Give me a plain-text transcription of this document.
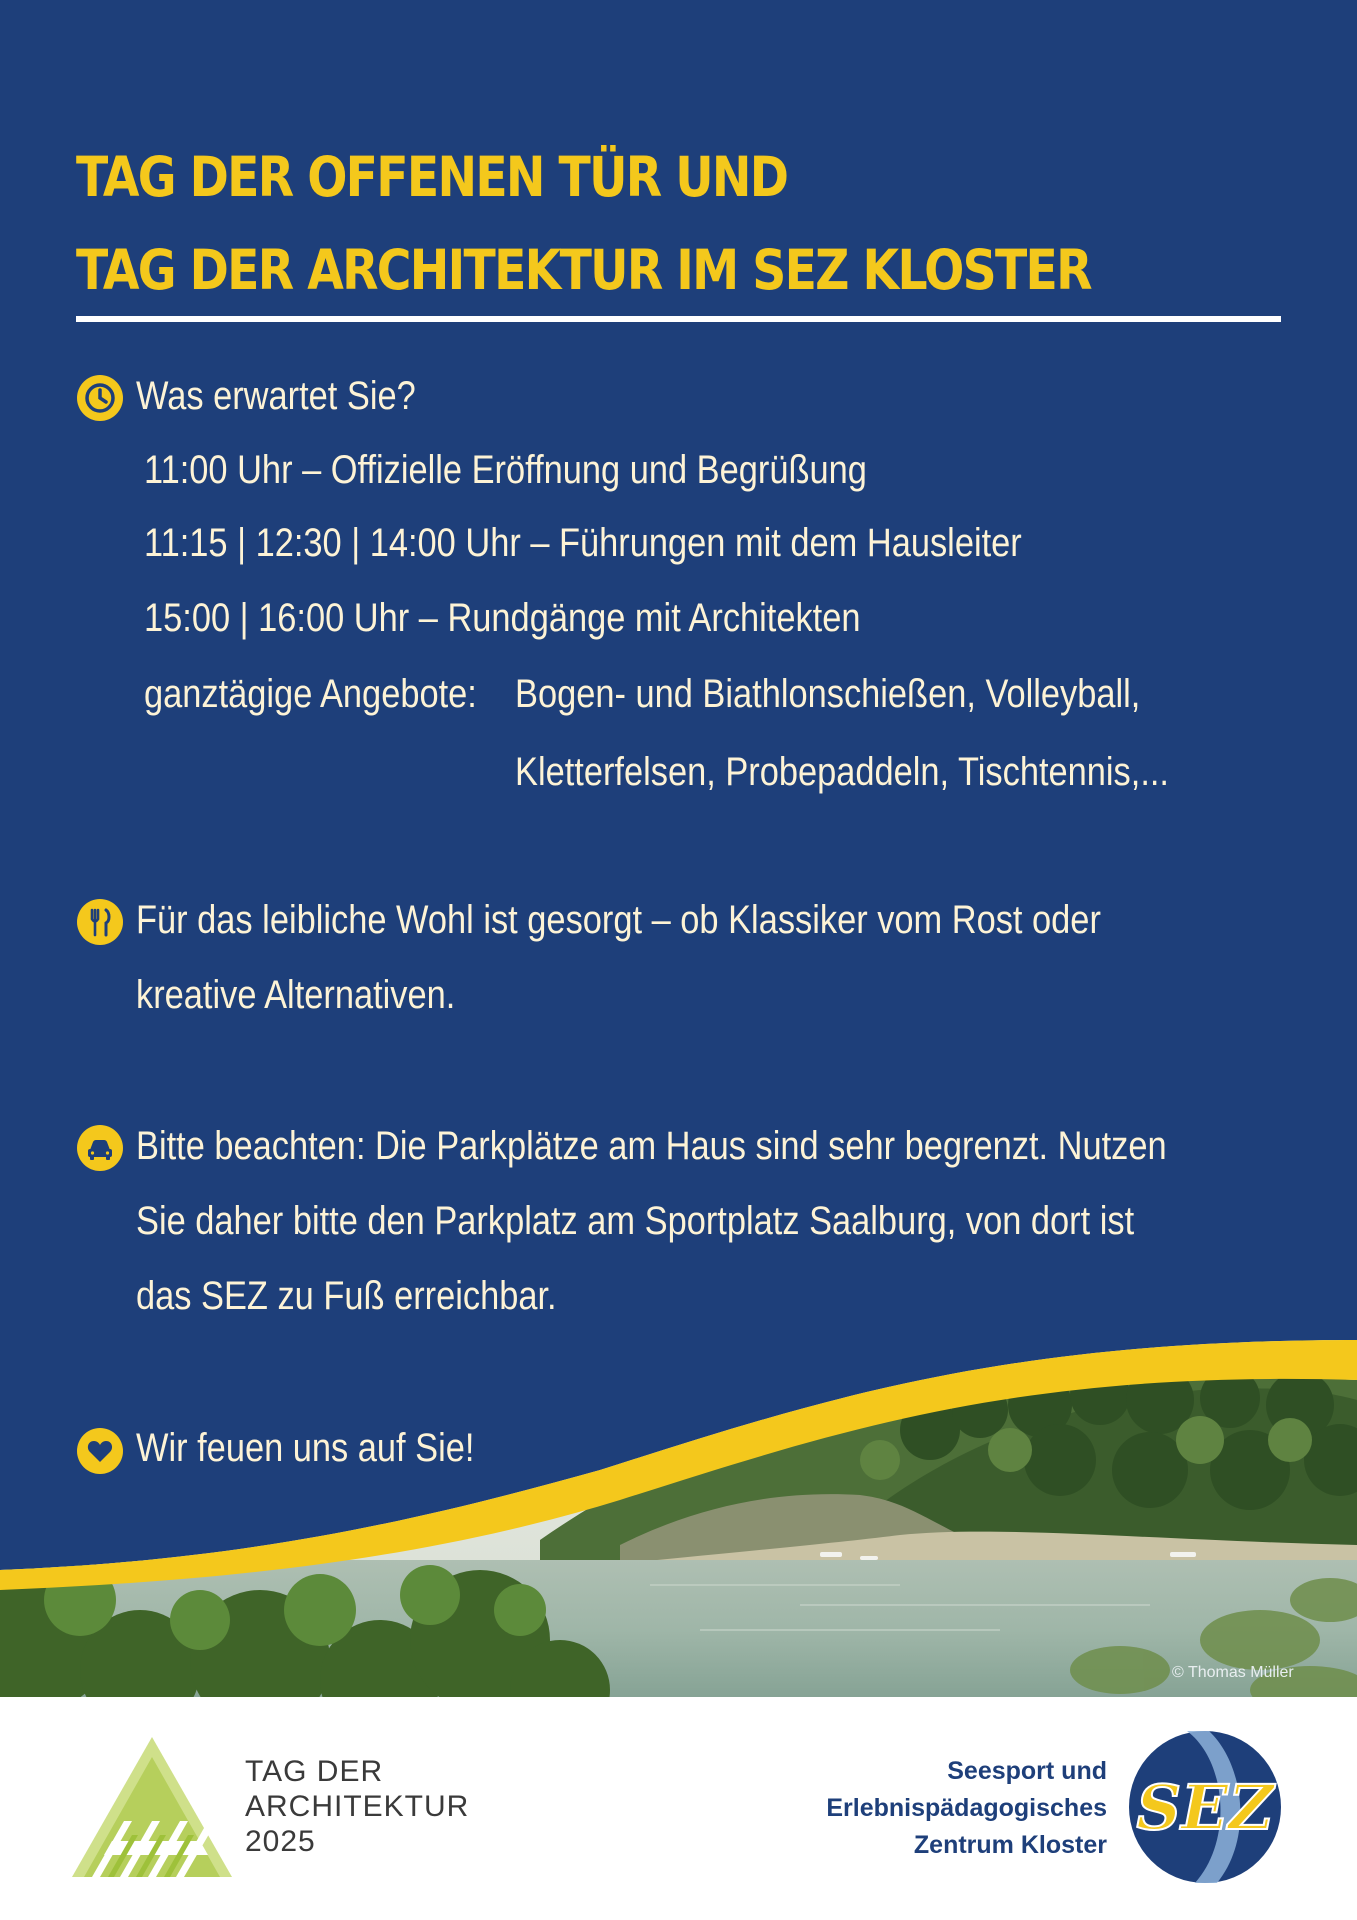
TAG DER OFFENEN TÜR UND
TAG DER ARCHITEKTUR IM SEZ KLOSTER
Was erwartet Sie?
11:00 Uhr – Offizielle Eröffnung und Begrüßung
11:15 | 12:30 | 14:00 Uhr – Führungen mit dem Hausleiter
15:00 | 16:00 Uhr – Rundgänge mit Architekten
ganztägige Angebote: Bogen- und Biathlonschießen, Volleyball,
Kletterfelsen, Probepaddeln, Tischtennis,...
Für das leibliche Wohl ist gesorgt – ob Klassiker vom Rost oder
kreative Alternativen.
Bitte beachten: Die Parkplätze am Haus sind sehr begrenzt. Nutzen
Sie daher bitte den Parkplatz am Sportplatz Saalburg, von dort ist
das SEZ zu Fuß erreichbar.
Wir feuen uns auf Sie!
© Thomas Müller
TAG DER
ARCHITEKTUR
2025
Seesport und
Erlebnispädagogisches
Zentrum Kloster
SEZ
